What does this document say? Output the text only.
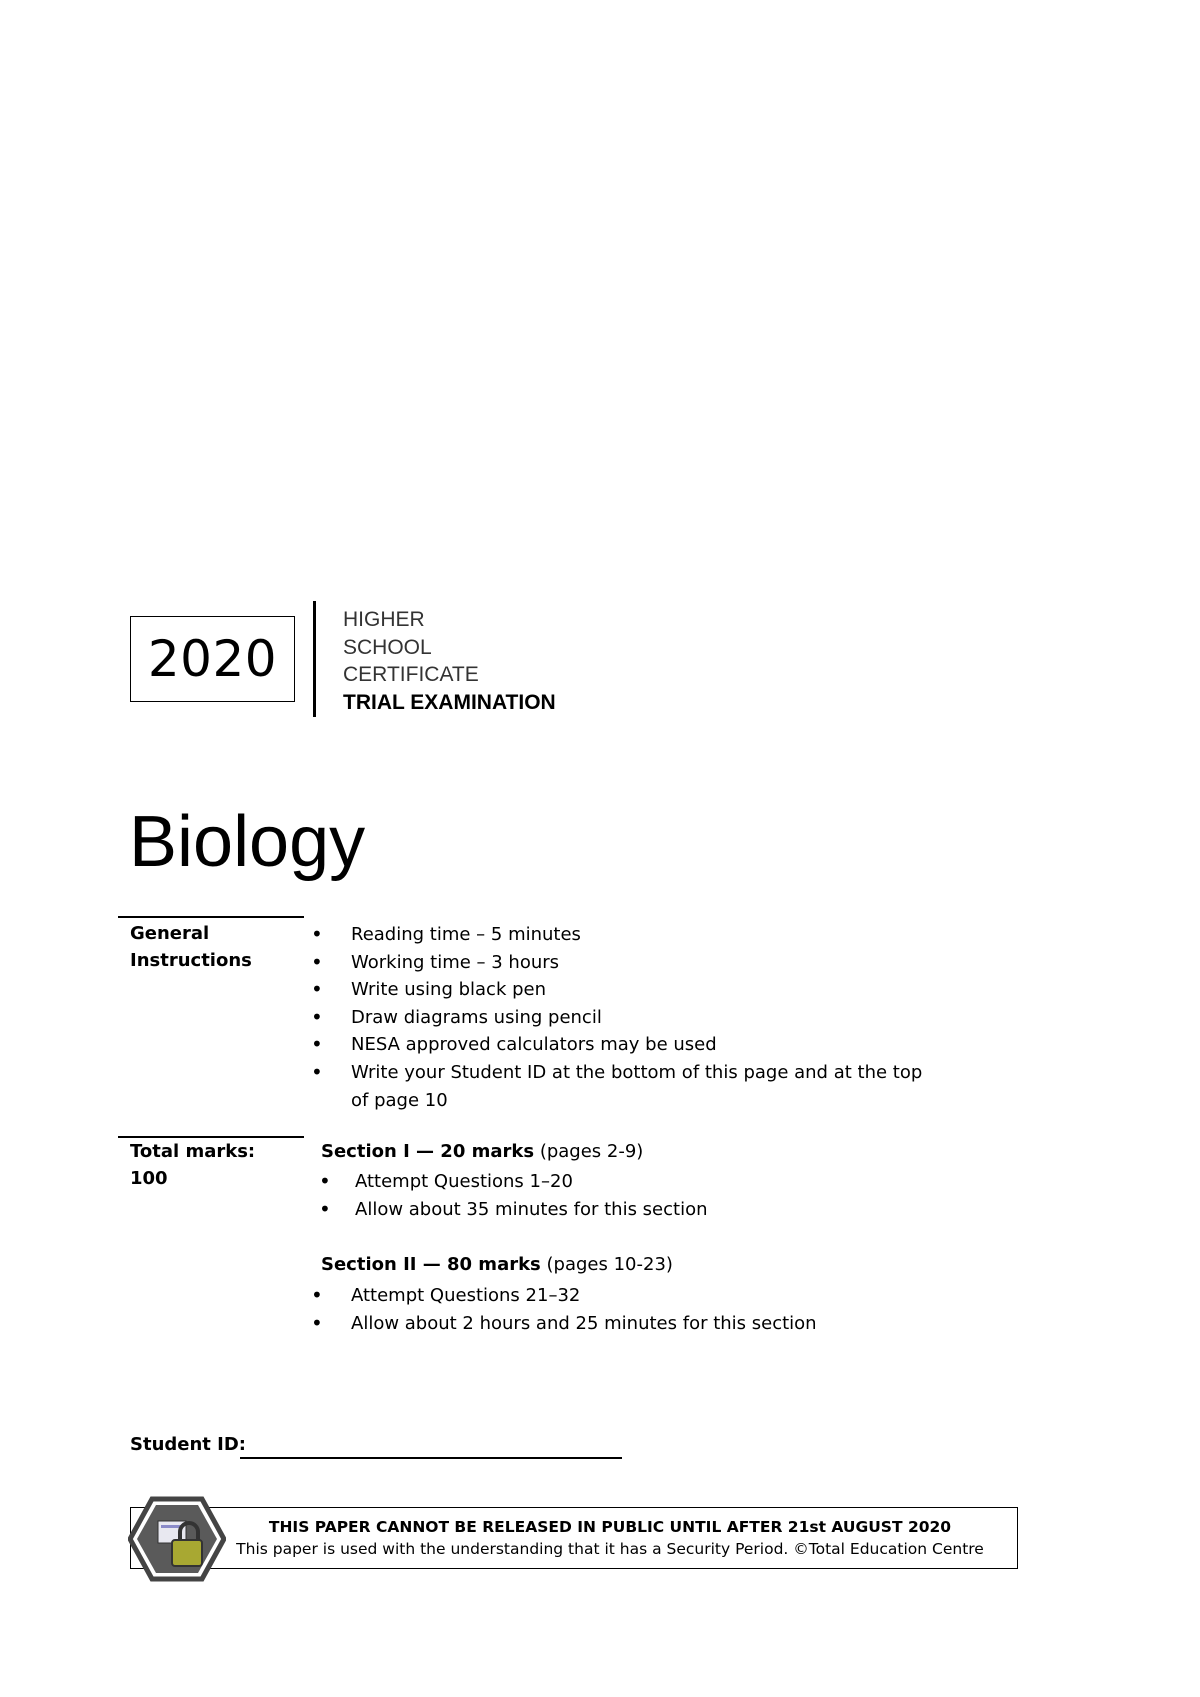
2020
HIGHER
SCHOOL
CERTIFICATE
TRIAL EXAMINATION
Biology
General
Instructions
• Reading time – 5 minutes
• Working time – 3 hours
• Write using black pen
• Draw diagrams using pencil
• NESA approved calculators may be used
• Write your Student ID at the bottom of this page and at the top
of page 10
Total marks:
100
Section I — 20 marks (pages 2-9)
• Attempt Questions 1–20
• Allow about 35 minutes for this section
Section II — 80 marks (pages 10-23)
• Attempt Questions 21–32
• Allow about 2 hours and 25 minutes for this section
Student ID:
THIS PAPER CANNOT BE RELEASED IN PUBLIC UNTIL AFTER 21st AUGUST 2020
This paper is used with the understanding that it has a Security Period. ©Total Education Centre
